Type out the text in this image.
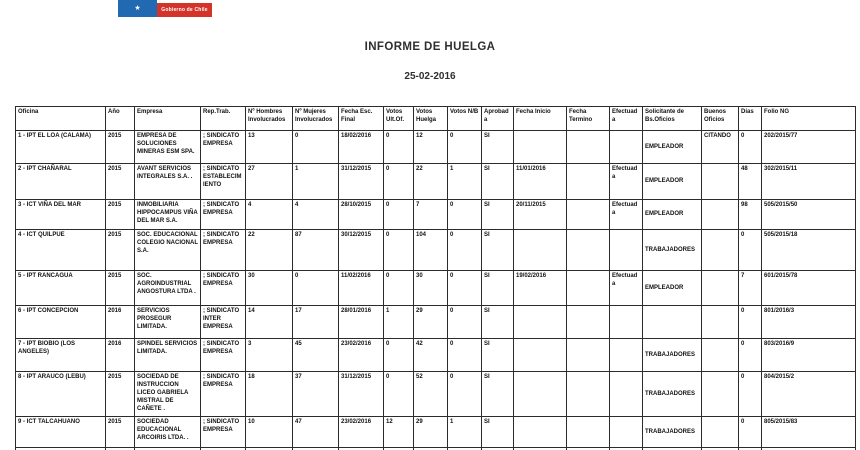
★	Gobierno de Chile
INFORME DE HUELGA
25-02-2016
Oficina	Año	Empresa	Rep.Trab.	Nº Hombres Involucrados	Nº Mujeres Involucrados	Fecha Esc. Final	Votos Ult.Of.	Votos Huelga	Votos N/B	Aprobada	Fecha Inicio	Fecha Termino	Efectuada	Solicitante de Bs.Oficios	Buenos Oficios	Días	Folio NG
1 - IPT EL LOA (CALAMA)	2015	EMPRESA DE SOLUCIONES MINERAS ESM SPA.	; SINDICATO EMPRESA	13	0	18/02/2016	0	12	0	SI				EMPLEADOR	CITANDO	0	202/2015/77
2 - IPT CHAÑARAL	2015	AVANT SERVICIOS INTEGRALES S.A. .	; SINDICATO ESTABLECIMIENTO	27	1	31/12/2015	0	22	1	SI	11/01/2016		Efectuada	EMPLEADOR		48	302/2015/11
3 - ICT VIÑA DEL MAR	2015	INMOBILIARIA HIPPOCAMPUS VIÑA DEL MAR S.A.	; SINDICATO EMPRESA	4	4	28/10/2015	0	7	0	SI	20/11/2015		Efectuada	EMPLEADOR		98	505/2015/50
4 - ICT QUILPUE	2015	SOC. EDUCACIONAL COLEGIO NACIONAL S.A.	; SINDICATO EMPRESA	22	87	30/12/2015	0	104	0	SI				TRABAJADORES		0	505/2015/18
5 - IPT RANCAGUA	2015	SOC. AGROINDUSTRIAL ANGOSTURA LTDA .	; SINDICATO EMPRESA	30	0	11/02/2016	0	30	0	SI	19/02/2016		Efectuada	EMPLEADOR		7	601/2015/78
6 - IPT CONCEPCION	2016	SERVICIOS PROSEGUR LIMITADA.	; SINDICATO INTER EMPRESA	14	17	28/01/2016	1	29	0	SI						0	801/2016/3
7 - IPT BIOBIO (LOS ANGELES)	2016	SPINDEL SERVICIOS LIMITADA.	; SINDICATO EMPRESA	3	45	23/02/2016	0	42	0	SI				TRABAJADORES		0	803/2016/9
8 - IPT ARAUCO (LEBU)	2015	SOCIEDAD DE INSTRUCCION LICEO GABRIELA MISTRAL DE CAÑETE .	; SINDICATO EMPRESA	18	37	31/12/2015	0	52	0	SI				TRABAJADORES		0	804/2015/2
9 - ICT TALCAHUANO	2015	SOCIEDAD EDUCACIONAL ARCOIRIS LTDA. .	; SINDICATO EMPRESA	10	47	23/02/2016	12	29	1	SI				TRABAJADORES		0	805/2015/83
